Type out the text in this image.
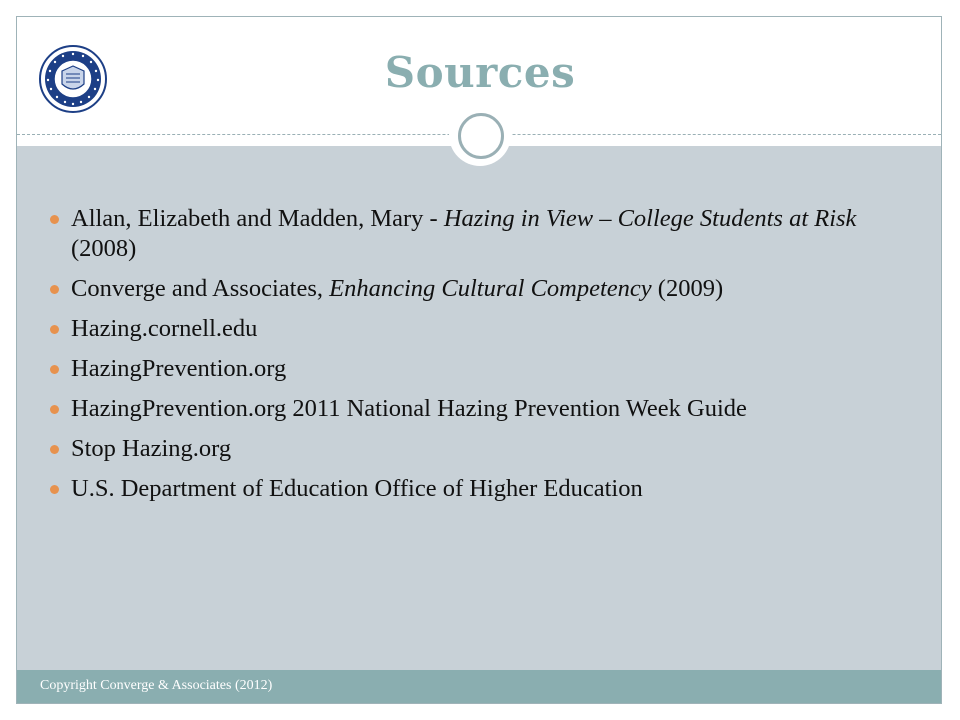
Sources
Allan, Elizabeth and Madden, Mary - Hazing in View – College Students at Risk (2008)
Converge and Associates, Enhancing Cultural Competency (2009)
Hazing.cornell.edu
HazingPrevention.org
HazingPrevention.org 2011 National Hazing Prevention Week Guide
Stop Hazing.org
U.S. Department of Education Office of Higher Education
Copyright Converge & Associates (2012)
